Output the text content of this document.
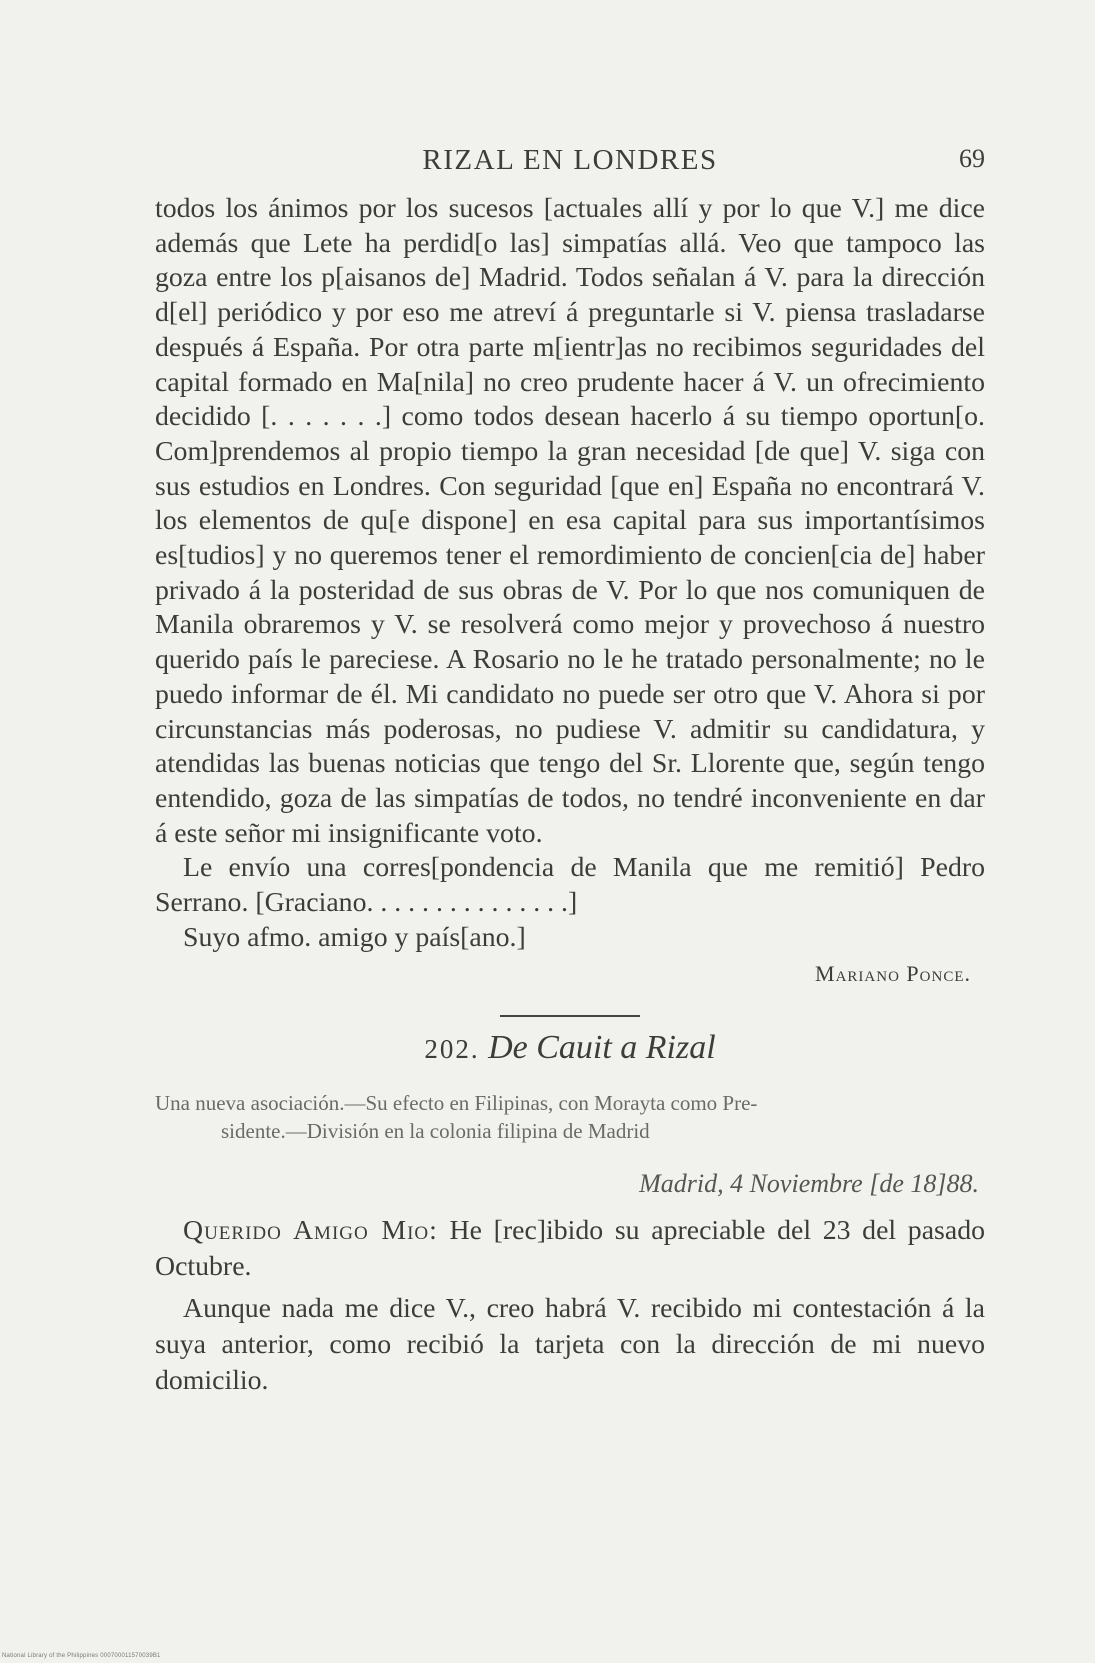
RIZAL EN LONDRES	69

todos los ánimos por los sucesos [actuales allí y por lo que V.] me dice además que Lete ha perdid[o las] simpatías allá. Veo que tampoco las goza entre los p[aisanos de] Madrid. Todos señalan á V. para la dirección d[el] periódico y por eso me atreví á preguntarle si V. piensa trasladarse después á España. Por otra parte m[ientr]as no recibimos seguridades del capital formado en Ma[nila] no creo prudente hacer á V. un ofrecimiento decidido [. . . . . . .] como todos desean hacerlo á su tiempo oportun[o. Com]prendemos al propio tiempo la gran necesidad [de que] V. siga con sus estudios en Londres. Con seguridad [que en] España no encontrará V. los elementos de qu[e dispone] en esa capital para sus importantísimos es[tudios] y no queremos tener el remordimiento de concien[cia de] haber privado á la posteridad de sus obras de V. Por lo que nos comuniquen de Manila obraremos y V. se resolverá como mejor y provechoso á nuestro querido país le pareciese. A Rosario no le he tratado personalmente; no le puedo informar de él. Mi candidato no puede ser otro que V. Ahora si por circunstancias más poderosas, no pudiese V. admitir su candidatura, y atendidas las buenas noticias que tengo del Sr. Llorente que, según tengo entendido, goza de las simpatías de todos, no tendré inconveniente en dar á este señor mi insignificante voto.

Le envío una corres[pondencia de Manila que me remitió] Pedro Serrano. [Graciano. . . . . . . . . . . . . . .]

Suyo afmo. amigo y país[ano.]

Mariano Ponce.
202. De Cauit a Rizal
Una nueva asociación.—Su efecto en Filipinas, con Morayta como Pre-
sidente.—División en la colonia filipina de Madrid
Madrid, 4 Noviembre [de 18]88.

Querido Amigo Mio: He [rec]ibido su apreciable del 23 del pasado Octubre.

Aunque nada me dice V., creo habrá V. recibido mi contestación á la suya anterior, como recibió la tarjeta con la dirección de mi nuevo domicilio.

National Library of the Philippines 000700011570039B1
